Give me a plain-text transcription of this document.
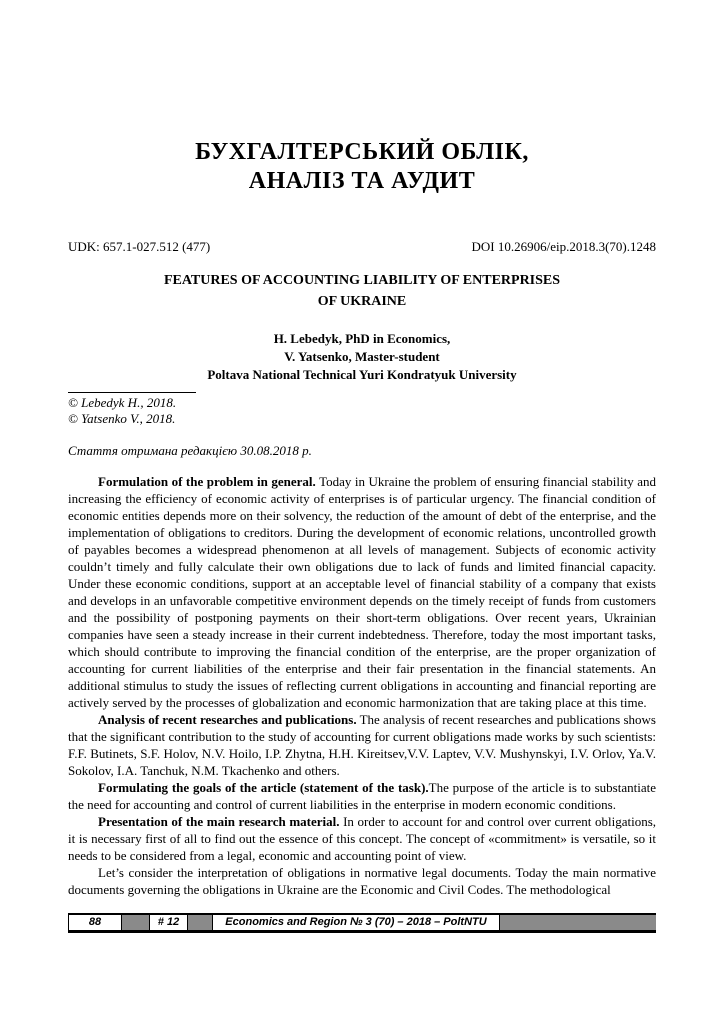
БУХГАЛТЕРСЬКИЙ ОБЛІК,
АНАЛІЗ ТА АУДИТ
UDK: 657.1-027.512 (477)	DOI 10.26906/eip.2018.3(70).1248
FEATURES OF ACCOUNTING LIABILITY OF ENTERPRISES
OF UKRAINE
H. Lebedyk, PhD in Economics,
V. Yatsenko, Master-student
Poltava National Technical Yuri Kondratyuk University
© Lebedyk H., 2018.
© Yatsenko V., 2018.
Стаття отримана редакцією 30.08.2018 р.

Formulation of the problem in general. Today in Ukraine the problem of ensuring financial stability and increasing the efficiency of economic activity of enterprises is of particular urgency. The financial condition of economic entities depends more on their solvency, the reduction of the amount of debt of the enterprise, and the implementation of obligations to creditors. During the development of economic relations, uncontrolled growth of payables becomes a widespread phenomenon at all levels of management. Subjects of economic activity couldn’t timely and fully calculate their own obligations due to lack of funds and limited financial capacity. Under these economic conditions, support at an acceptable level of financial stability of a company that exists and develops in an unfavorable competitive environment depends on the timely receipt of funds from customers and the possibility of postponing payments on their short-term obligations. Over recent years, Ukrainian companies have seen a steady increase in their current indebtedness. Therefore, today the most important tasks, which should contribute to improving the financial condition of the enterprise, are the proper organization of accounting for current liabilities of the enterprise and their fair presentation in the financial statements. An additional stimulus to study the issues of reflecting current obligations in accounting and financial reporting are actively served by the processes of globalization and economic harmonization that are taking place at this time.

Analysis of recent researches and publications. The analysis of recent researches and publications shows that the significant contribution to the study of accounting for current obligations made works by such scientists: F.F. Butinets, S.F. Holov, N.V. Hoilo, I.P. Zhytna, H.H. Kireitsev,V.V. Laptev, V.V. Mushynskyi, I.V. Orlov, Ya.V. Sokolov, I.A. Tanchuk, N.M. Tkachenko and others.

Formulating the goals of the article (statement of the task).The purpose of the article is to substantiate the need for accounting and control of current liabilities in the enterprise in modern economic conditions.

Presentation of the main research material. In order to account for and control over current obligations, it is necessary first of all to find out the essence of this concept. The concept of «commitment» is versatile, so it needs to be considered from a legal, economic and accounting point of view.

Let’s consider the interpretation of obligations in normative legal documents. Today the main normative documents governing the obligations in Ukraine are the Economic and Civil Codes. The methodological

88	# 12	Economics and Region № 3 (70) – 2018 – PoltNTU
